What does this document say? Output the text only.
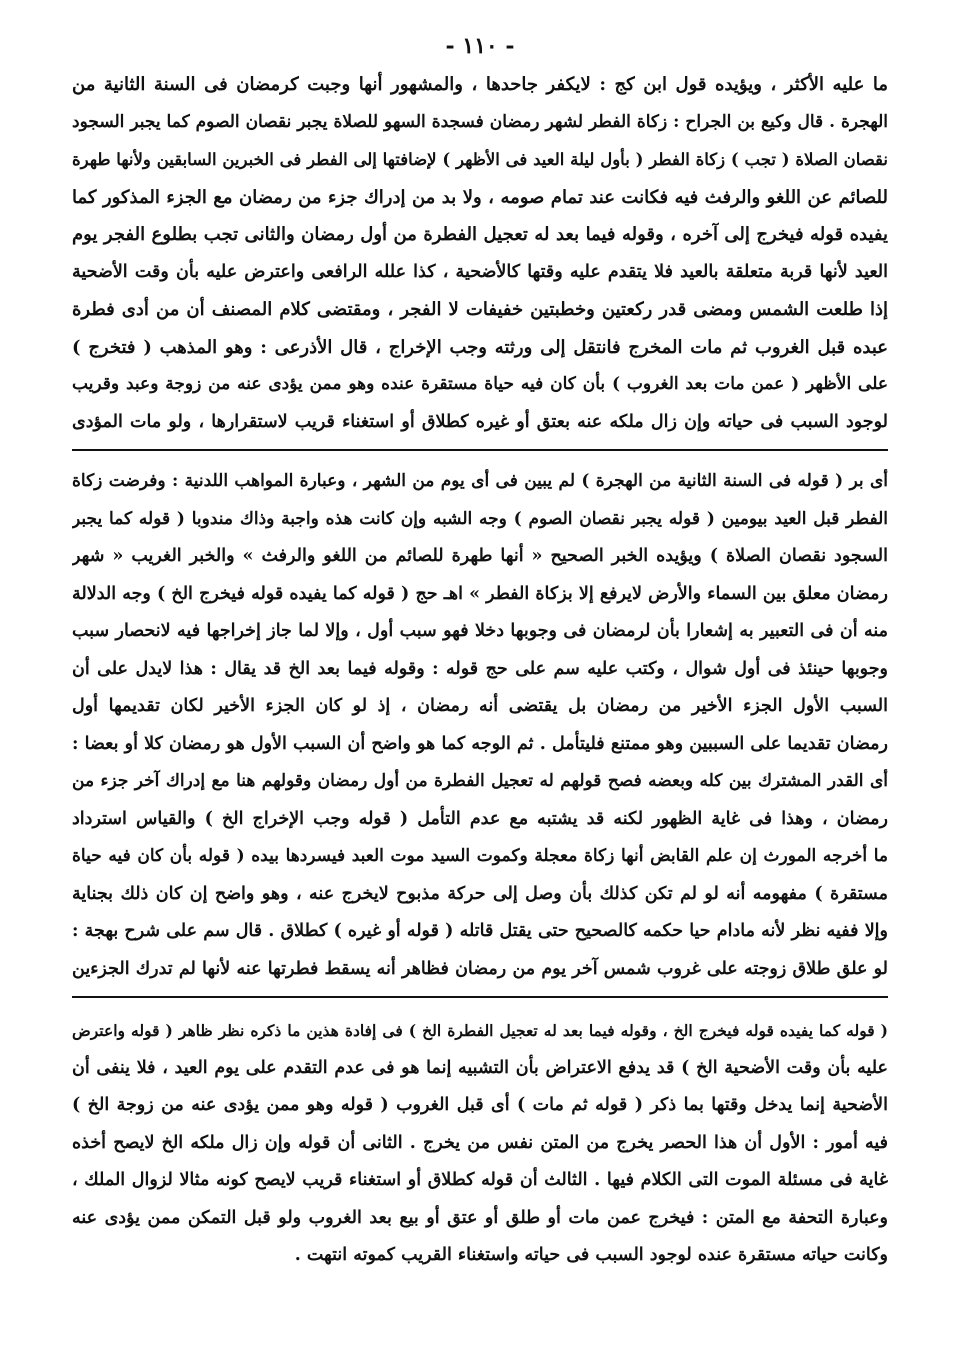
- ١١٠ -
ما عليه الأكثر ، ويؤيده قول ابن كج : لايكفر جاحدها ، والمشهور أنها وجبت كرمضان فى السنة الثانية من
الهجرة . قال وكيع بن الجراح : زكاة الفطر لشهر رمضان فسجدة السهو للصلاة يجبر نقصان الصوم كما يجبر السجود
نقصان الصلاة ( تجب ) زكاة الفطر ( بأول ليلة العيد فى الأظهر ) لإضافتها إلى الفطر فى الخبرين السابقين ولأنها طهرة
للصائم عن اللغو والرفث فيه فكانت عند تمام صومه ، ولا بد من إدراك جزء من رمضان مع الجزء المذكور كما
يفيده قوله فيخرج إلى آخره ، وقوله فيما بعد له تعجيل الفطرة من أول رمضان والثانى تجب بطلوع الفجر يوم
العيد لأنها قربة متعلقة بالعيد فلا يتقدم عليه وقتها كالأضحية ، كذا علله الرافعى واعترض عليه بأن وقت الأضحية
إذا طلعت الشمس ومضى قدر ركعتين وخطبتين خفيفات لا الفجر ، ومقتضى كلام المصنف أن من أدى فطرة
عبده قبل الغروب ثم مات المخرج فانتقل إلى ورثته وجب الإخراج ، قال الأذرعى : وهو المذهب ( فتخرج )
على الأظهر ( عمن مات بعد الغروب ) بأن كان فيه حياة مستقرة عنده وهو ممن يؤدى عنه من زوجة وعبد وقريب
لوجود السبب فى حياته وإن زال ملكه عنه بعتق أو غيره كطلاق أو استغناء قريب لاستقرارها ، ولو مات المؤدى
أى بر ( قوله فى السنة الثانية من الهجرة ) لم يبين فى أى يوم من الشهر ، وعبارة المواهب اللدنية : وفرضت زكاة
الفطر قبل العيد بيومين ( قوله يجبر نقصان الصوم ) وجه الشبه وإن كانت هذه واجبة وذاك مندوبا ( قوله كما يجبر
السجود نقصان الصلاة ) ويؤيده الخبر الصحيح « أنها طهرة للصائم من اللغو والرفث » والخبر الغريب « شهر
رمضان معلق بين السماء والأرض لايرفع إلا بزكاة الفطر » اهـ حج ( قوله كما يفيده قوله فيخرج الخ ) وجه الدلالة
منه أن فى التعبير به إشعارا بأن لرمضان فى وجوبها دخلا فهو سبب أول ، وإلا لما جاز إخراجها فيه لانحصار سبب
وجوبها حينئذ فى أول شوال ، وكتب عليه سم على حج قوله : وقوله فيما بعد الخ قد يقال : هذا لايدل على أن
السبب الأول الجزء الأخير من رمضان بل يقتضى أنه رمضان ، إذ لو كان الجزء الأخير لكان تقديمها أول
رمضان تقديما على السببين وهو ممتنع فليتأمل . ثم الوجه كما هو واضح أن السبب الأول هو رمضان كلا أو بعضا :
أى القدر المشترك بين كله وبعضه فصح قولهم له تعجيل الفطرة من أول رمضان وقولهم هنا مع إدراك آخر جزء من
رمضان ، وهذا فى غاية الظهور لكنه قد يشتبه مع عدم التأمل ( قوله وجب الإخراج الخ ) والقياس استرداد
ما أخرجه المورث إن علم القابض أنها زكاة معجلة وكموت السيد موت العبد فيسردها بيده ( قوله بأن كان فيه حياة
مستقرة ) مفهومه أنه لو لم تكن كذلك بأن وصل إلى حركة مذبوح لايخرج عنه ، وهو واضح إن كان ذلك بجناية
وإلا ففيه نظر لأنه مادام حيا حكمه كالصحيح حتى يقتل قاتله ( قوله أو غيره ) كطلاق . قال سم على شرح بهجة :
لو علق طلاق زوجته على غروب شمس آخر يوم من رمضان فظاهر أنه يسقط فطرتها عنه لأنها لم تدرك الجزءين
( قوله كما يفيده قوله فيخرج الخ ، وقوله فيما بعد له تعجيل الفطرة الخ ) فى إفادة هذين ما ذكره نظر ظاهر ( قوله واعترض
عليه بأن وقت الأضحية الخ ) قد يدفع الاعتراض بأن التشبيه إنما هو فى عدم التقدم على يوم العيد ، فلا ينفى أن
الأضحية إنما يدخل وقتها بما ذكر ( قوله ثم مات ) أى قبل الغروب ( قوله وهو ممن يؤدى عنه من زوجة الخ )
فيه أمور : الأول أن هذا الحصر يخرج من المتن نفس من يخرج . الثانى أن قوله وإن زال ملكه الخ لايصح أخذه
غاية فى مسئلة الموت التى الكلام فيها . الثالث أن قوله كطلاق أو استغناء قريب لايصح كونه مثالا لزوال الملك ،
وعبارة التحفة مع المتن : فيخرج عمن مات أو طلق أو عتق أو بيع بعد الغروب ولو قبل التمكن ممن يؤدى عنه
وكانت حياته مستقرة عنده لوجود السبب فى حياته واستغناء القريب كموته انتهت .
